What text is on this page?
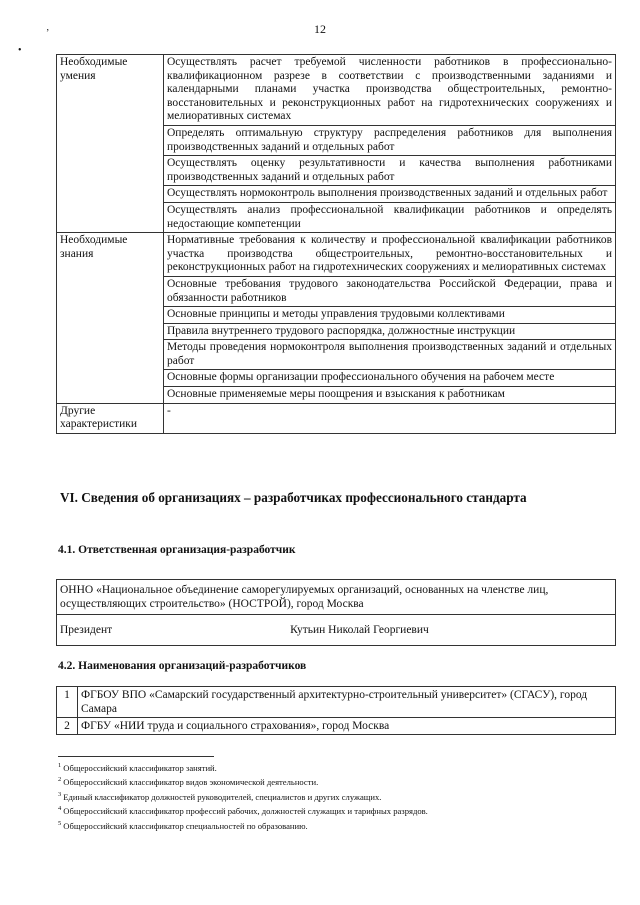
ʼ
•
12
Необходимые умения	Осуществлять расчет требуемой численности работников в профессионально-квалификационном разрезе в соответствии с производственными заданиями и календарными планами участка производства общестроительных, ремонтно-восстановительных и реконструкционных работ на гидротехнических сооружениях и мелиоративных системах
	Определять оптимальную структуру распределения работников для выполнения производственных заданий и отдельных работ
	Осуществлять оценку результативности и качества выполнения работниками производственных заданий и отдельных работ
	Осуществлять нормоконтроль выполнения производственных заданий и отдельных работ
	Осуществлять анализ профессиональной квалификации работников и определять недостающие компетенции
Необходимые знания	Нормативные требования к количеству и профессиональной квалификации работников участка производства общестроительных, ремонтно-восстановительных и реконструкционных работ на гидротехнических сооружениях и мелиоративных системах
	Основные требования трудового законодательства Российской Федерации, права и обязанности работников
	Основные принципы и методы управления трудовыми коллективами
	Правила внутреннего трудового распорядка, должностные инструкции
	Методы проведения нормоконтроля выполнения производственных заданий и отдельных работ
	Основные формы организации профессионального обучения на рабочем месте
	Основные применяемые меры поощрения и взыскания к работникам
Другие характеристики	-
VI. Сведения об организациях – разработчиках профессионального стандарта
4.1. Ответственная организация-разработчик
ОННО «Национальное объединение саморегулируемых организаций, основанных на членстве лиц, осуществляющих строительство» (НОСТРОЙ), город Москва
Президент	Кутьин Николай Георгиевич
4.2. Наименования организаций-разработчиков
1	ФГБОУ ВПО «Самарский государственный архитектурно-строительный университет» (СГАСУ), город Самара
2	ФГБУ «НИИ труда и социального страхования», город Москва
$^1$ Общероссийский классификатор занятий.
$^2$ Общероссийский классификатор видов экономической деятельности.
$^3$ Единый классификатор должностей руководителей, специалистов и других служащих.
$^4$ Общероссийский классификатор профессий рабочих, должностей служащих и тарифных разрядов.
$^5$ Общероссийский классификатор специальностей по образованию.
